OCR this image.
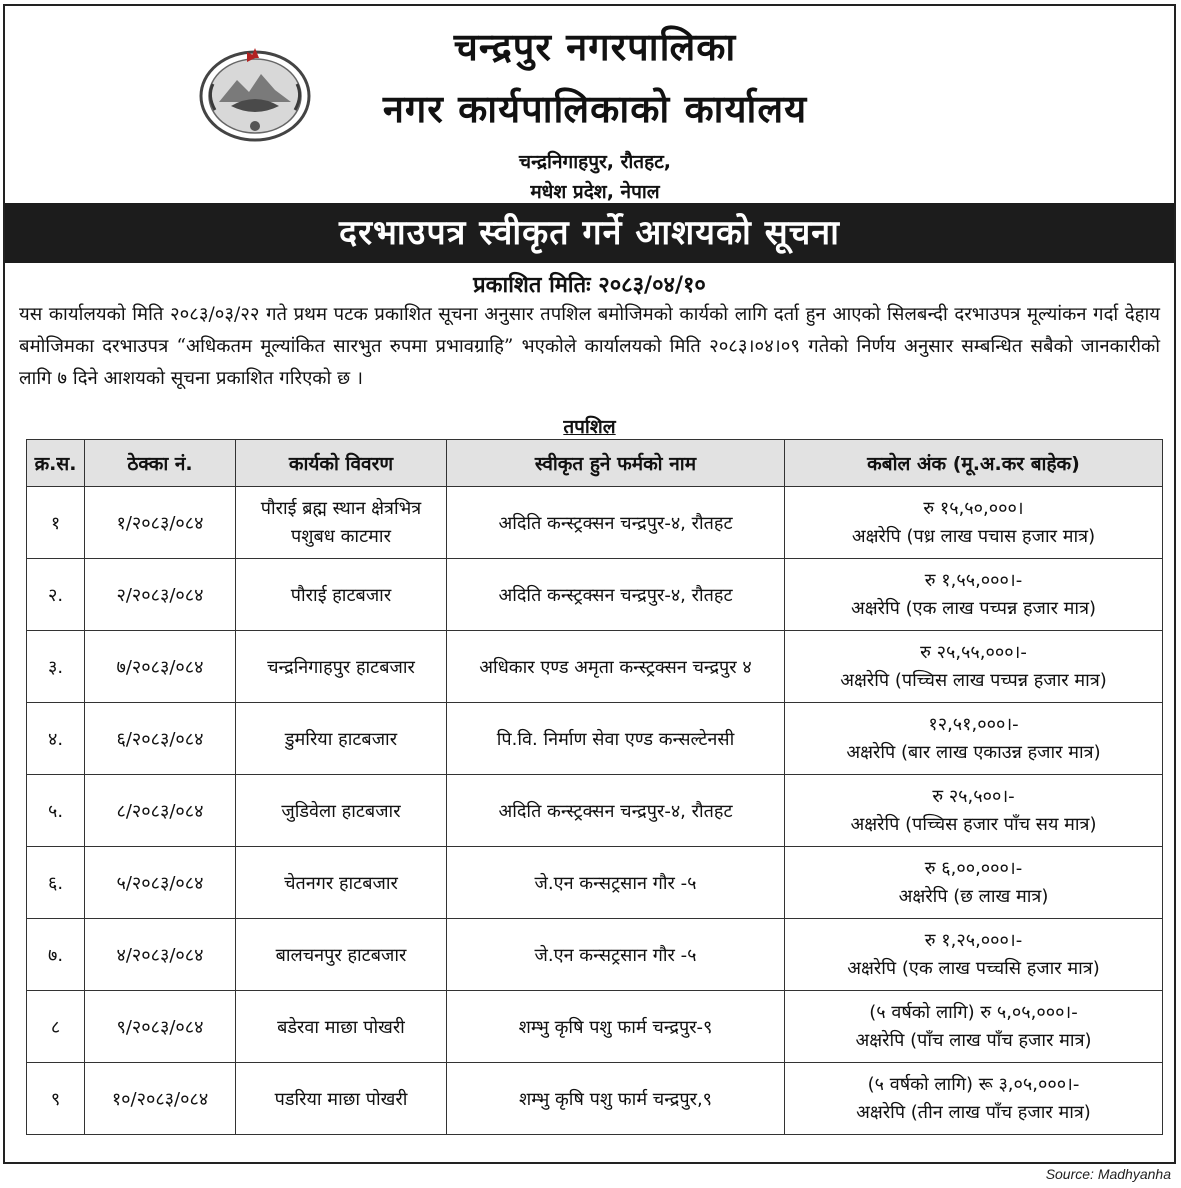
चन्द्रपुर नगरपालिका
नगर कार्यपालिकाको कार्यालय
चन्द्रनिगाहपुर, रौतहट,
मधेश प्रदेश, नेपाल
दरभाउपत्र स्वीकृत गर्ने आशयको सूचना
प्रकाशित मितिः २०८३/०४/१०
यस कार्यालयको मिति २०८३/०३/२२ गते प्रथम पटक प्रकाशित सूचना अनुसार तपशिल बमोजिमको कार्यको लागि दर्ता हुन आएको सिलबन्दी दरभाउपत्र मूल्यांकन गर्दा देहाय बमोजिमका दरभाउपत्र “अधिकतम मूल्यांकित सारभुत रुपमा प्रभावग्राहि” भएकोले कार्यालयको मिति २०८३।०४।०९ गतेको निर्णय अनुसार सम्बन्धित सबैको जानकारीको लागि ७ दिने आशयको सूचना प्रकाशित गरिएको छ ।
तपशिल
क्र.स.	ठेक्का नं.	कार्यको विवरण	स्वीकृत हुने फर्मको नाम	कबोल अंक (मू.अ.कर बाहेक)
१	१/२०८३/०८४	पौराई ब्रह्म स्थान क्षेत्रभित्र
पशुबध काटमार	अदिति कन्स्ट्रक्सन चन्द्रपुर-४, रौतहट	रु १५,५०,०००।
अक्षरेपि (पध्र लाख पचास हजार मात्र)

२.	२/२०८३/०८४	पौराई हाटबजार	अदिति कन्स्ट्रक्सन चन्द्रपुर-४, रौतहट	रु १,५५,०००।-
अक्षरेपि (एक लाख पच्पन्न हजार मात्र)

३.	७/२०८३/०८४	चन्द्रनिगाहपुर हाटबजार	अधिकार एण्ड अमृता कन्स्ट्रक्सन चन्द्रपुर ४	रु २५,५५,०००।-
अक्षरेपि (पच्चिस लाख पच्पन्न हजार मात्र)

४.	६/२०८३/०८४	डुमरिया हाटबजार	पि.वि. निर्माण सेवा एण्ड कन्सल्टेनसी	१२,५१,०००।-
अक्षरेपि (बार लाख एकाउन्न हजार मात्र)

५.	८/२०८३/०८४	जुडिवेला हाटबजार	अदिति कन्स्ट्रक्सन चन्द्रपुर-४, रौतहट	रु २५,५००।-
अक्षरेपि (पच्चिस हजार पाँच सय मात्र)

६.	५/२०८३/०८४	चेतनगर हाटबजार	जे.एन कन्सट्रसान गौर -५	रु ६,००,०००।-
अक्षरेपि (छ लाख मात्र)

७.	४/२०८३/०८४	बालचनपुर हाटबजार	जे.एन कन्सट्रसान गौर -५	रु १,२५,०००।-
अक्षरेपि (एक लाख पच्चसि हजार मात्र)

८	९/२०८३/०८४	बडेरवा माछा पोखरी	शम्भु कृषि पशु फार्म चन्द्रपुर-९	(५ वर्षको लागि) रु ५,०५,०००।-
अक्षरेपि (पाँच लाख पाँच हजार मात्र)

९	१०/२०८३/०८४	पडरिया माछा पोखरी	शम्भु कृषि पशु फार्म चन्द्रपुर,९	(५ वर्षको लागि) रू ३,०५,०००।-
अक्षरेपि (तीन लाख पाँच हजार मात्र)
Source: Madhyanha
